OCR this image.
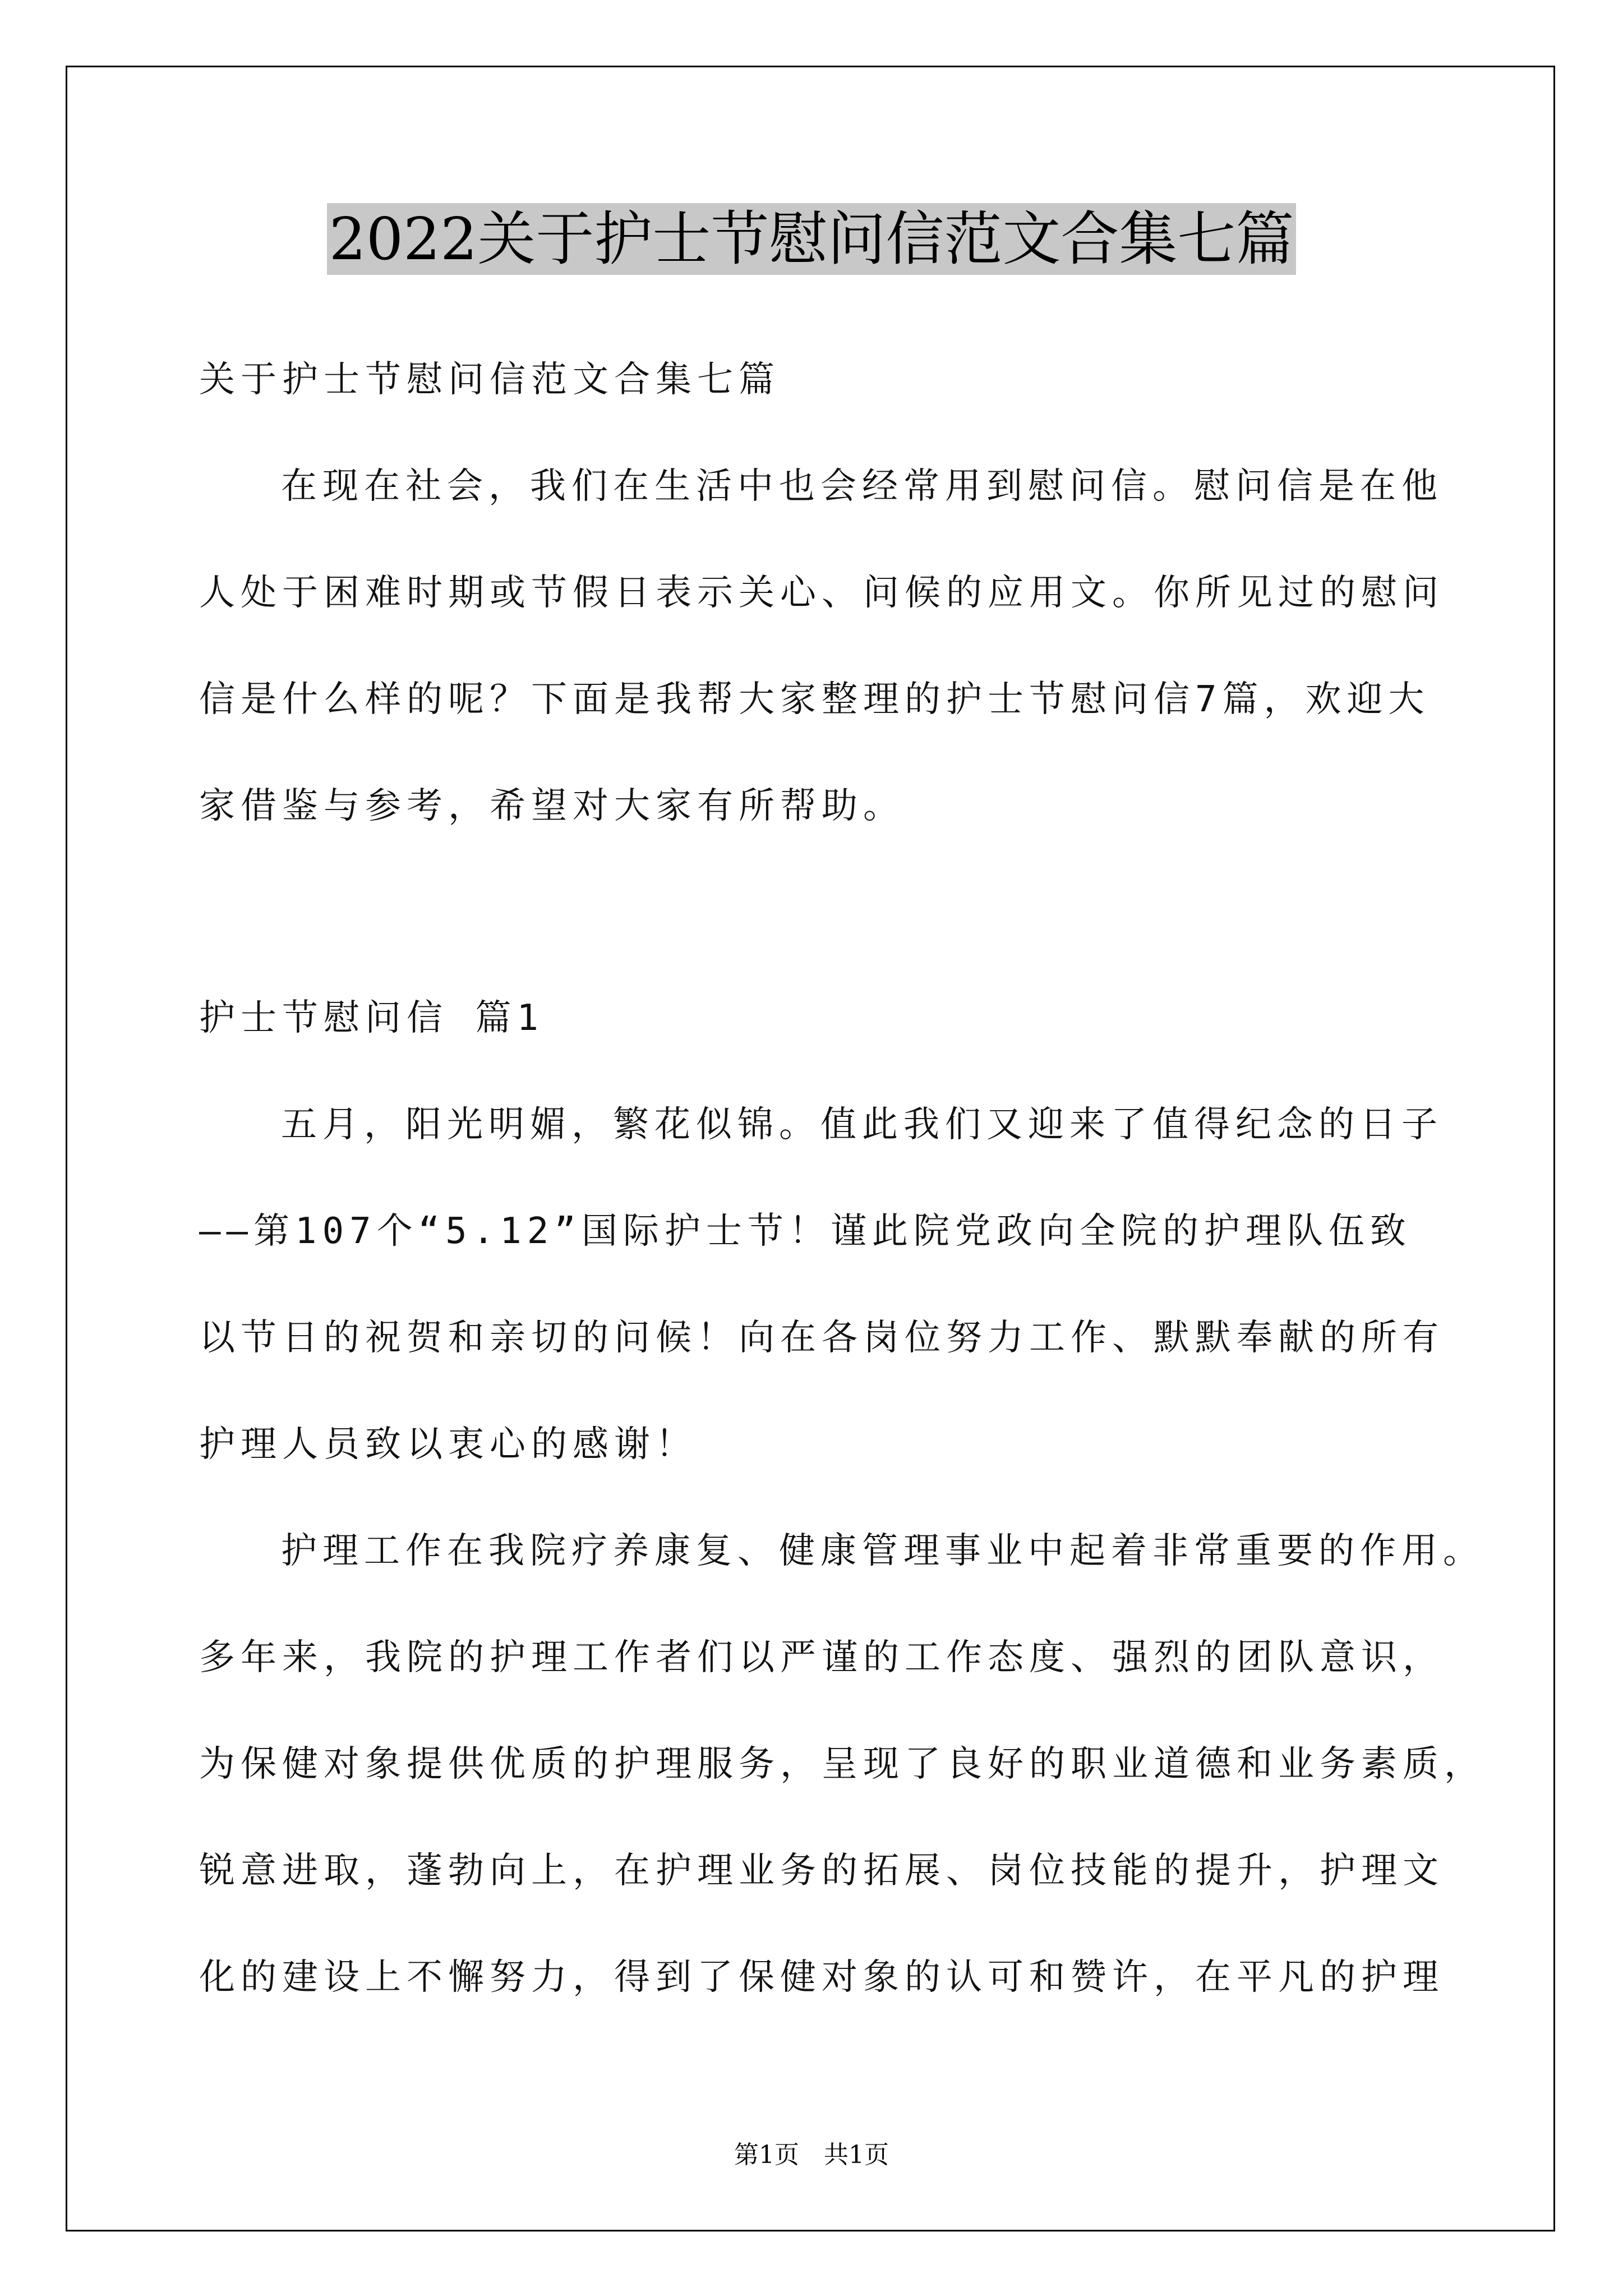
2022关于护士节慰问信范文合集七篇
关于护士节慰问信范文合集七篇
在现在社会，我们在生活中也会经常用到慰问信。慰问信是在他
人处于困难时期或节假日表示关心、问候的应用文。你所见过的慰问
信是什么样的呢？下面是我帮大家整理的护士节慰问信7篇，欢迎大
家借鉴与参考，希望对大家有所帮助。
护士节慰问信 篇1
五月，阳光明媚，繁花似锦。值此我们又迎来了值得纪念的日子
——第107个“5.12”国际护士节！谨此院党政向全院的护理队伍致
以节日的祝贺和亲切的问候！向在各岗位努力工作、默默奉献的所有
护理人员致以衷心的感谢！
护理工作在我院疗养康复、健康管理事业中起着非常重要的作用。
多年来，我院的护理工作者们以严谨的工作态度、强烈的团队意识，
为保健对象提供优质的护理服务，呈现了良好的职业道德和业务素质，
锐意进取，蓬勃向上，在护理业务的拓展、岗位技能的提升，护理文
化的建设上不懈努力，得到了保健对象的认可和赞许，在平凡的护理
第1页　共1页
